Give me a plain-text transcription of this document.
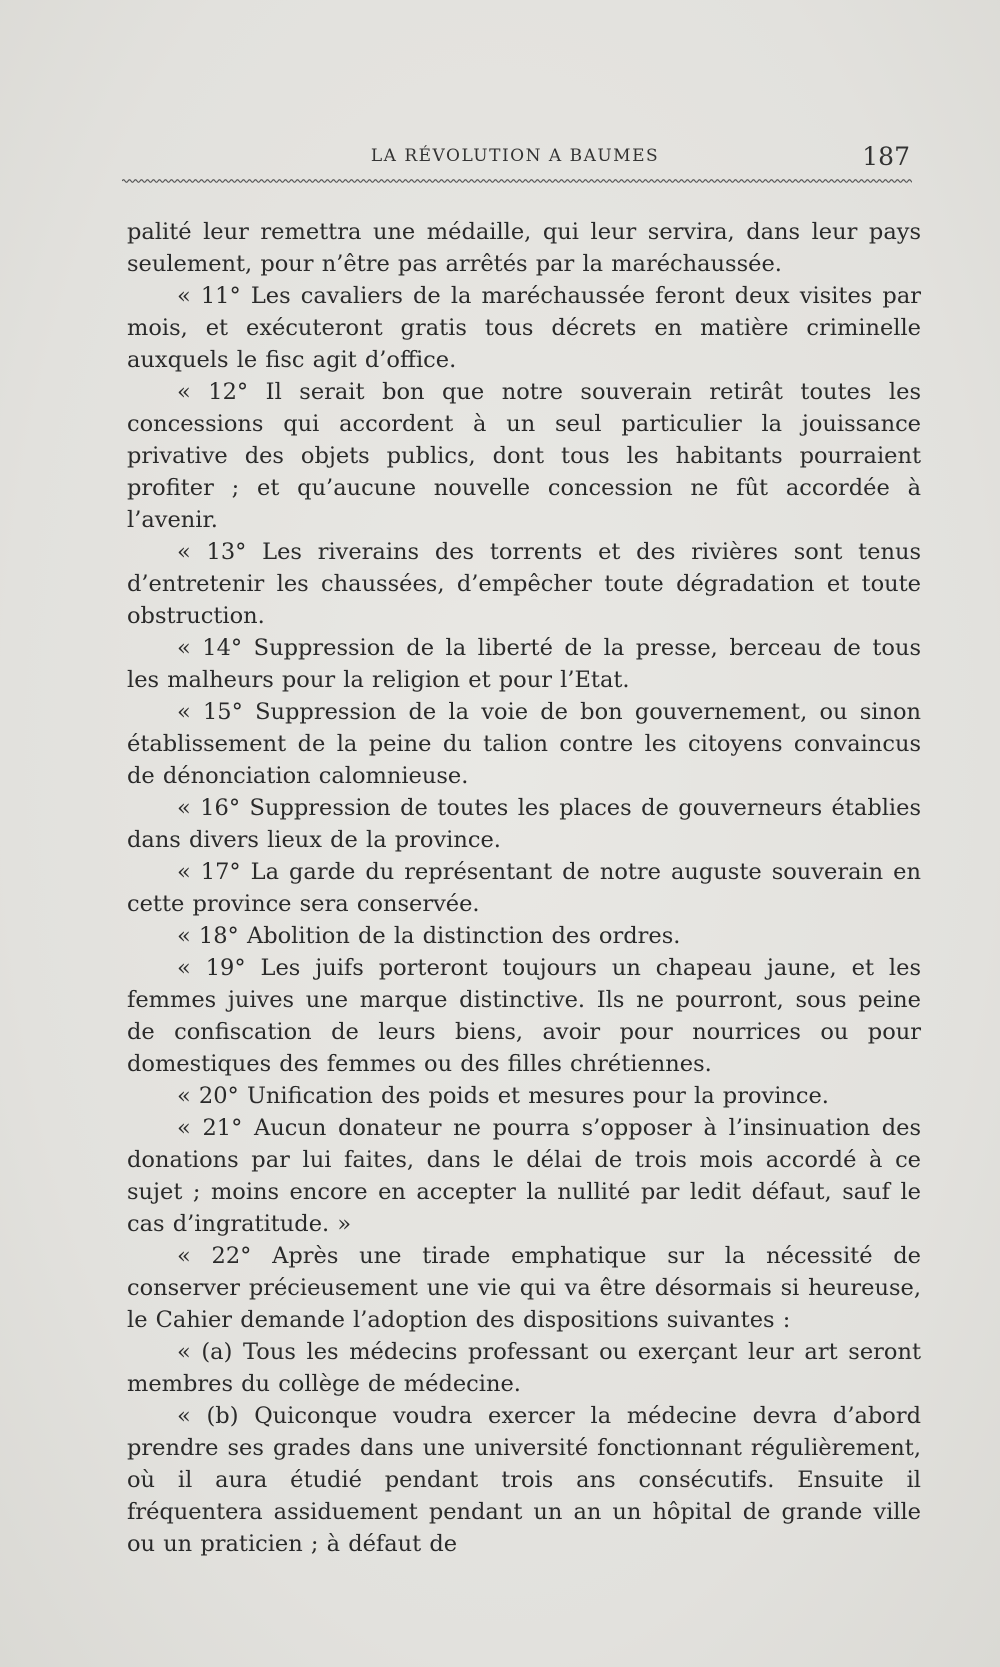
LA RÉVOLUTION A BAUMES	187

palité leur remettra une médaille, qui leur servira, dans leur pays seulement, pour n’être pas arrêtés par la maréchaussée.

« 11° Les cavaliers de la maréchaussée feront deux visites par mois, et exécuteront gratis tous décrets en matière criminelle auxquels le fisc agit d’office.

« 12° Il serait bon que notre souverain retirât toutes les concessions qui accordent à un seul particulier la jouissance privative des objets publics, dont tous les habitants pourraient profiter ; et qu’aucune nouvelle concession ne fût accordée à l’avenir.

« 13° Les riverains des torrents et des rivières sont tenus d’entretenir les chaussées, d’empêcher toute dégradation et toute obstruction.

« 14° Suppression de la liberté de la presse, berceau de tous les malheurs pour la religion et pour l’Etat.

« 15° Suppression de la voie de bon gouvernement, ou sinon établissement de la peine du talion contre les citoyens convaincus de dénonciation calomnieuse.

« 16° Suppression de toutes les places de gouverneurs établies dans divers lieux de la province.

« 17° La garde du représentant de notre auguste souverain en cette province sera conservée.

« 18° Abolition de la distinction des ordres.

« 19° Les juifs porteront toujours un chapeau jaune, et les femmes juives une marque distinctive. Ils ne pourront, sous peine de confiscation de leurs biens, avoir pour nourrices ou pour domestiques des femmes ou des filles chrétiennes.

« 20° Unification des poids et mesures pour la province.

« 21° Aucun donateur ne pourra s’opposer à l’insinuation des donations par lui faites, dans le délai de trois mois accordé à ce sujet ; moins encore en accepter la nullité par ledit défaut, sauf le cas d’ingratitude. »

« 22° Après une tirade emphatique sur la nécessité de conserver précieusement une vie qui va être désormais si heureuse, le Cahier demande l’adoption des dispositions suivantes :

« (a) Tous les médecins professant ou exerçant leur art seront membres du collège de médecine.

« (b) Quiconque voudra exercer la médecine devra d’abord prendre ses grades dans une université fonctionnant régulièrement, où il aura étudié pendant trois ans consécutifs. Ensuite il fréquentera assiduement pendant un an un hôpital de grande ville ou un praticien ; à défaut de
